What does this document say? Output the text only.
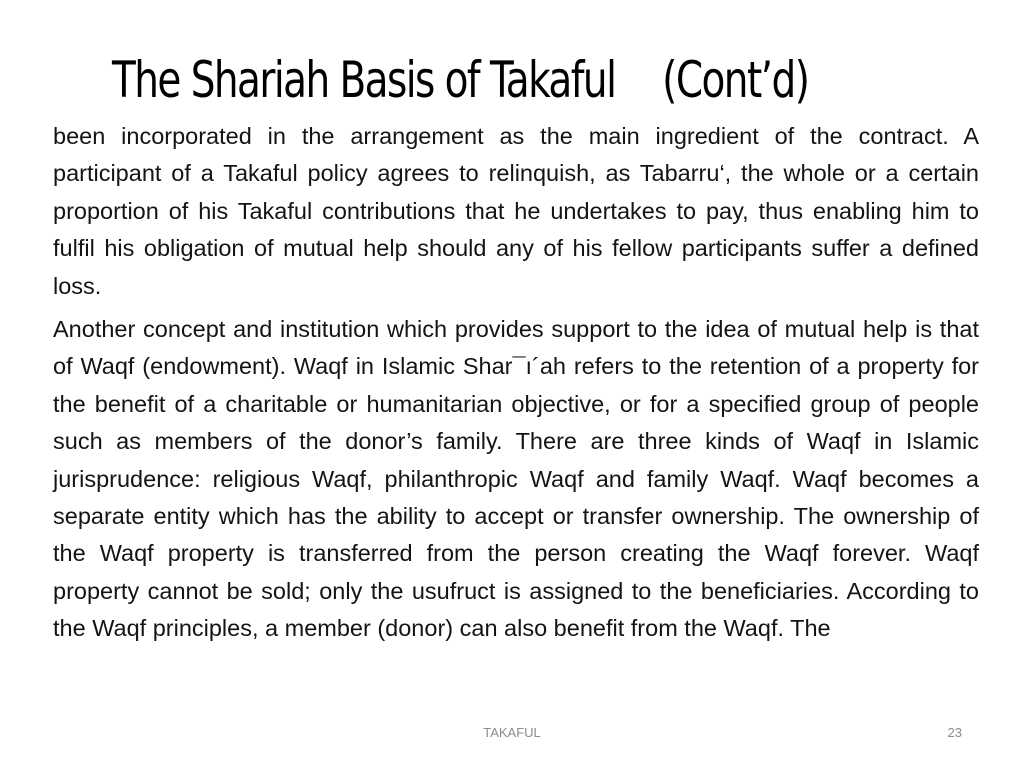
The Shariah Basis of Takaful (Cont’d)

been incorporated in the arrangement as the main ingredient of the contract. A participant of a Takaful policy agrees to relinquish, as Tabarru‘, the whole or a certain proportion of his Takaful contributions that he undertakes to pay, thus enabling him to fulfil his obligation of mutual help should any of his fellow participants suffer a defined loss.

Another concept and institution which provides support to the idea of mutual help is that of Waqf (endowment). Waqf in Islamic Shar¯ı´ah refers to the retention of a property for the benefit of a charitable or humanitarian objective, or for a specified group of people such as members of the donor’s family. There are three kinds of Waqf in Islamic jurisprudence: religious Waqf, philanthropic Waqf and family Waqf. Waqf becomes a separate entity which has the ability to accept or transfer ownership. The ownership of the Waqf property is transferred from the person creating the Waqf forever. Waqf property cannot be sold; only the usufruct is assigned to the beneficiaries. According to the Waqf principles, a member (donor) can also benefit from the Waqf. The

TAKAFUL	23
